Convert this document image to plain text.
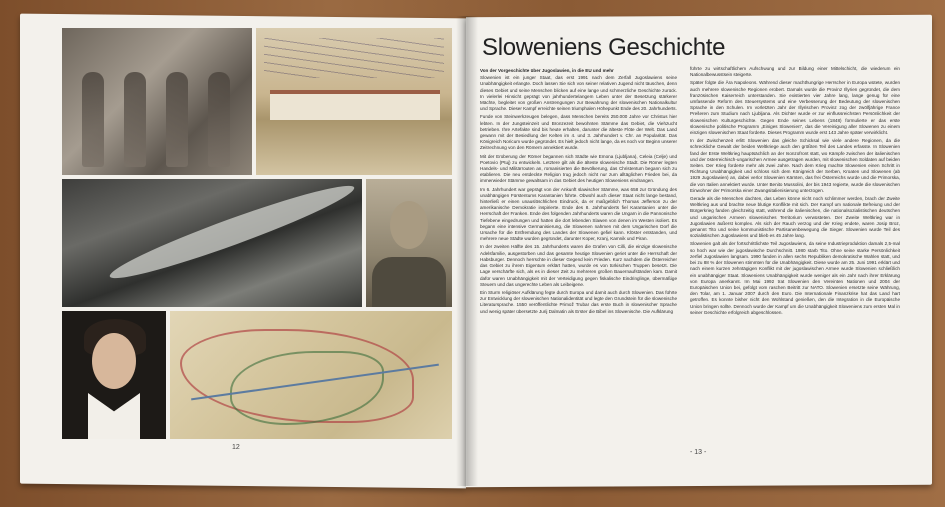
Sloweniens Geschichte

Von der Vorgeschichte über Jugoslawien, in die EU und mehr

Slowenien ist ein junger Staat, das erst 1991 nach dem Zerfall Jugoslawiens seine Unabhängigkeit erlangte. Doch lassen Sie sich von seiner relativen Jugend nicht täuschen, denn dieses Gebiet und seine Menschen blicken auf eine lange und schmerzliche Geschichte zurück. In vielerlei Hinsicht geprägt von jahrhundertelangem Leben unter der Besetzung stärkerer Mächte, begleitet von großen Anstrengungen zur Bewahrung der slowenischen Nationalkultur und Sprache. Dieser Kampf erreichte seinen triumphalen Höhepunkt Ende des 20. Jahrhunderts.

Funde von Steinwerkzeugen belegen, dass Menschen bereits 250.000 Jahre vor Christus hier lebten. In der Jungsteinzeit und Bronzezeit bewohnten Stämme das Gebiet, die Viehzucht betrieben. Ihre Artefakte sind bis heute erhalten, darunter die älteste Flöte der Welt. Das Land gewann mit der Besiedlung der Kelten im 4. und 3. Jahrhundert v. Chr. an Popularität. Das Königreich Noricum wurde gegründet. Es hielt jedoch nicht lange, da es noch vor Beginn unserer Zeitrechnung von den Römern annektiert wurde.

Mit der Eroberung der Römer begannen sich Städte wie Emona (Ljubljana), Celeia (Celje) und Poetovio (Ptuj) zu entwickeln. Letztere gilt als die älteste slowenische Stadt. Die Römer legten Handels- und Militärrouten an, romanisierten die Bevölkerung, das Christentum begann sich zu etablieren. Die neu entdeckte Religion trug jedoch nicht nur zum alltäglichen Frieden bei, da immerwieder Stämme gewaltsam in das Gebiet des heutigen Sloweniens eindrangen.

Im 6. Jahrhundert war geprägt von der Ankunft slawischer Stämme, was 658 zur Gründung des unabhängigen Fürstentums Karantanien führte. Obwohl auch dieser Staat nicht lange bestand, hinterließ er einen unauslöschlichen Eindruck, da er maßgeblich Thomas Jefferson zu der amerikanische Demokratie inspirierte. Ende des 8. Jahrhunderts fiel Karantanien unter die Herrschaft der Franken. Ende des folgenden Jahrhunderts waren die Ungarn in die Pannonische Tiefebene eingedrungen und hatten die dort lebenden Slawen von denen im Westen isoliert. Es begann eine intensive Germanisierung, die Slowenen nahmen mit dem Ungarischen Dorf die Ursache für die Entfremdung des Landes der Slowenen gefiel kann. Klöster entstanden, und mehrere neue Städte wurden gegründet, darunter Koper, Kranj, Kamnik und Piran.

In der zweiten Hälfte des 15. Jahrhunderts waren die Grafen von Cilli, die einzige slowenische Adelsfamilie, ausgestorben und das gesamte heutige Slowenien geriet unter die Herrschaft der Habsburger. Dennoch herrschte in dieser Gegend kein Frieden. Kurz nachdem die Österreicher das Gebiet zu ihrem Eigentum erklärt hatten, wurde es von türkischen Truppen besetzt. Die Lage verschärfte sich, als es in dieser Zeit zu mehreren großen Bauernaufständen kam. Damit dafür waren Unabhängigkeit mit der Verteidigung gegen fiskalische Eindringlinge, übermäßige Steuern und das ungerechte Leben als Leibeigene.

Ein Sturm religiöser Aufklärung fegte durch Europa und damit auch durch Slowenien. Das führte zur Entwicklung der slowenischen Nationalidentität und legte den Grundstein für die slowenische Literatursprache. 1550 veröffentlichte Primož Trubar das erste Buch in slowenischer Sprache und wenig später übersetzte Jurij Dalmatin als Erster die Bibel ins Slowenische. Die Aufklärung

führte zu wirtschaftlichem Aufschwung und zur Bildung einer Mittelschicht, die wiederum ein Nationalbewusstsein steigerte.

Später folgte die Ära Napoleons. Während dieser machthungrige Herrscher in Europa wütete, wurden auch mehrere slowenische Regionen erobert. Damals wurde die Provinz Illyrien gegründet, die dem französischen Kaiserreich unterstanden. Sie existierten vier Jahre lang, lange genug für eine umfassende Reform des Steuersystems und eine Verbesserung der Bedeutung der slowenischen Sprache in den Schulen. Im vorletzten Jahr der Illyrischen Provinz zog der zwölfjährige France Prešeren zum Studium nach Ljubljana. Als Dichter wurde er zur einflussreichsten Persönlichkeit der slowenischen Kulturgeschichte. Gegen Ende seines Lebens (1848) formulierte er das erste slowenische politische Programm „Einiges Slowenien", das die Vereinigung aller Slowenen zu einem einzigen slowenischen Staat forderte. Dieses Programm wurde erst 143 Jahre später verwirklicht.

In der Zwischenzeit erlitt Slowenien das gleiche Schicksal wie viele andere Regionen, da die schreckliche Gewalt der beiden Weltkriege auch den größten Teil des Landes erfasste. In Slowenien fand der Erste Weltkrieg hauptsächlich an der Isonzofront statt, wo Kämpfe zwischen der italienischen und der österreichisch-ungarischen Armee ausgetragen wurden, mit slowenischen Soldaten auf beiden Seiten. Der Krieg forderte mehr als zwei Jahre. Nach dem Krieg machte Slowenien einen Schritt in Richtung Unabhängigkeit und schloss sich dem Königreich der Serben, Kroaten und Slowenen (ab 1929 Jugoslawien) an, dabei verlor Slowenien Kärnten, das frei Österreichs wurde und die Primorska, die von Italien annektiert wurde. Unter Benito Mussolini, der bis 1943 regierte, wurde die slowenischen Einwohner der Primorska einer Zwangsitalienisierung unterzogen.

Gerade als die Menschen dachten, das Leben könne nicht noch schlimmer werden, brach der Zweite Weltkrieg aus und brachte neue blutige Konflikte mit sich. Der Kampf um nationale Befreiung und der Bürgerkrieg fanden gleichzeitig statt, während die italienischen, die nationalsozialistischen deutschen und ungarischen Armeen slowenisches Territorium verwüsteten. Der Zweite Weltkrieg war in Jugoslawien äußerst komplex. Als sich der Rauch verzog und der Krieg endete, waren Josip Broz, genannt Tito und seine kommunistische Partisanenbewegung die Sieger. Slowenien wurde Teil des sozialistischen Jugoslawiens und blieb es 45 Jahre lang.

Slowenien galt als der fortschrittlichste Teil Jugoslawiens, da seine Industrieproduktion damals 2,5-mal so hoch war wie der jugoslawische Durchschnitt. 1980 starb Tito. Ohne seine starke Persönlichkeit zerfiel Jugoslawien langsam. 1990 fanden in allen sechs Republiken demokratische Wahlen statt, und bei zu 88 % der Slowenen stimmten für die Unabhängigkeit. Diese wurde am 25. Juni 1991 erklärt und nach einem kurzen zehntägigen Konflikt mit der jugoslawischen Armee wurde Slowenien schließlich ein unabhängiger Staat. Sloweniens Unabhängigkeit wurde weniger als ein Jahr nach ihrer Erklärung von Europa anerkannt. Im Mai 1992 trat Slowenien den Vereinten Nationen und 2004 der Europäischen Union bei, gefolgt vom raschen Beitritt zur NATO. Slowenien ersetzte seine Währung, den Tolar, am 1. Januar 2007 durch den Euro. Die Internationale Finanzkrise hat das Land hart getroffen. Es konnte bisher nicht den Wohlstand genießen, den die Integration in die Europäische Union bringen sollte. Dennoch wurde der Kampf um die Unabhängigkeit Sloweniens zum ersten Mal in seiner Geschichte erfolgreich abgeschlossen.

12
- 13 -
